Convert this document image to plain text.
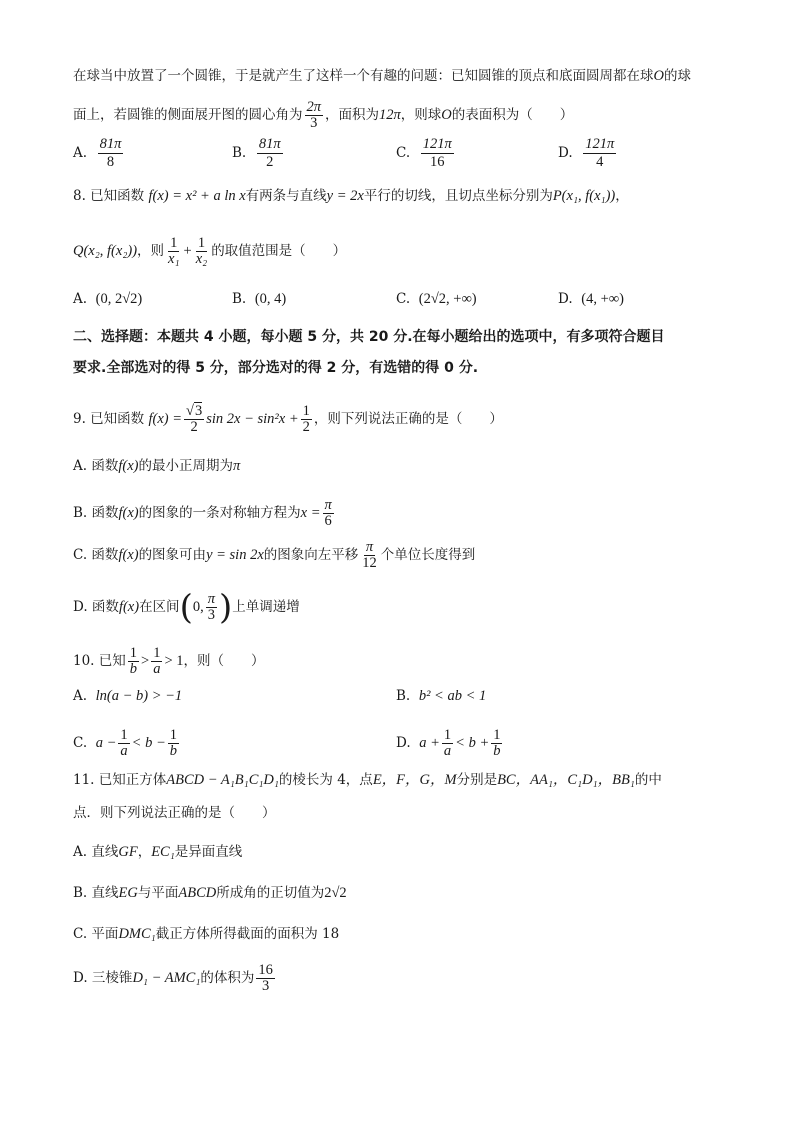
在球当中放置了一个圆锥，于是就产生了这样一个有趣的问题：已知圆锥的顶点和底面圆周都在球O的球
面上，若圆锥的侧面展开图的圆心角为 $\frac{2\pi}{3}$ ，面积为12π，则球O的表面积为（　　）
A. $\frac{81\pi}{8}$	B. $\frac{81\pi}{2}$	C. $\frac{121\pi}{16}$	D. $\frac{121\pi}{4}$
8. 已知函数 f(x) = x² + a ln x有两条与直线y = 2x平行的切线，且切点坐标分别为P(x₁, f(x₁))，
Q(x₂, f(x₂))，则 $\frac{1}{\text{x₁}} + \frac{1}{\text{x₂}}$ 的取值范围是（　　）
A. (0, 2√2)	B. (0, 4)	C. (2√2, +∞)	D. (4, +∞)
二、选择题：本题共 4 小题，每小题 5 分，共 20 分.在每小题给出的选项中，有多项符合题目
要求.全部选对的得 5 分，部分选对的得 2 分，有选错的得 0 分.
9. 已知函数 $f(x) = \frac{√3}{2}$ $\sin 2x - \sin^2x + \frac{1}{2}$ ，则下列说法正确的是（　　）
A. 函数f(x)的最小正周期为π
B. 函数f(x)的图象的一条对称轴方程为$x = \frac{\pi}{6}$
C. 函数f(x)的图象可由y = sin 2x的图象向左平移 $\frac{\pi}{12}$ 个单位长度得到
D. 函数f(x)在区间(0, $\frac{\pi}{3}$ )上单调递增
10. 已知 $\frac{1}{b} > \frac{1}{a} > 1$，则（　　）
A. ln(a − b) > −1	B. b² < ab < 1
C. $a - \frac{1}{a} < b - \frac{1}{b}$	D. $a + \frac{1}{a} < b + \frac{1}{b}$
11. 已知正方体ABCD − A₁B₁C₁D₁的棱长为 4，点E，F，G，M分别是BC，AA₁，C₁D₁，BB₁的中
点．则下列说法正确的是（　　）
A. 直线GF，EC₁是异面直线
B. 直线EG与平面ABCD所成角的正切值为2√2
C. 平面DMC₁截正方体所得截面的面积为 18
D. 三棱锥D₁ − AMC₁的体积为 $\frac{16}{3}$
